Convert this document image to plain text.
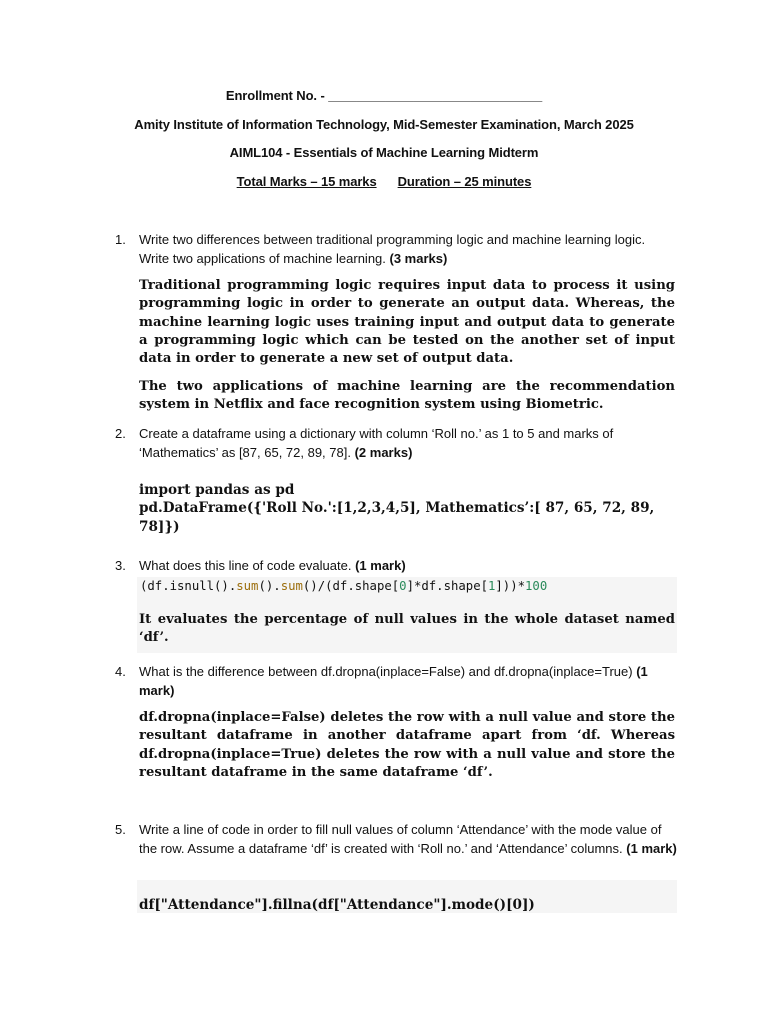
Enrollment No. - ______________________________
Amity Institute of Information Technology, Mid-Semester Examination, March 2025
AIML104 - Essentials of Machine Learning Midterm
Total Marks – 15 marks Duration – 25 minutes
1. Write two differences between traditional programming logic and machine learning logic. Write two applications of machine learning. (3 marks)
Traditional programming logic requires input data to process it using programming logic in order to generate an output data. Whereas, the machine learning logic uses training input and output data to generate a programming logic which can be tested on the another set of input data in order to generate a new set of output data.
The two applications of machine learning are the recommendation system in Netflix and face recognition system using Biometric.
2. Create a dataframe using a dictionary with column ‘Roll no.’ as 1 to 5 and marks of ‘Mathematics’ as [87, 65, 72, 89, 78]. (2 marks)
import pandas as pd
pd.DataFrame({'Roll No.':[1,2,3,4,5], Mathematics’:[ 87, 65, 72, 89, 78]})
3. What does this line of code evaluate. (1 mark)
(df.isnull().sum().sum()/(df.shape[0]*df.shape[1]))*100
It evaluates the percentage of null values in the whole dataset named ‘df’.
4. What is the difference between df.dropna(inplace=False) and df.dropna(inplace=True) (1 mark)
df.dropna(inplace=False) deletes the row with a null value and store the resultant dataframe in another dataframe apart from ‘df. Whereas df.dropna(inplace=True) deletes the row with a null value and store the resultant dataframe in the same dataframe ‘df’.
5. Write a line of code in order to fill null values of column ‘Attendance’ with the mode value of the row. Assume a dataframe ‘df’ is created with ‘Roll no.’ and ‘Attendance’ columns. (1 mark)
df["Attendance"].fillna(df["Attendance"].mode()[0])
